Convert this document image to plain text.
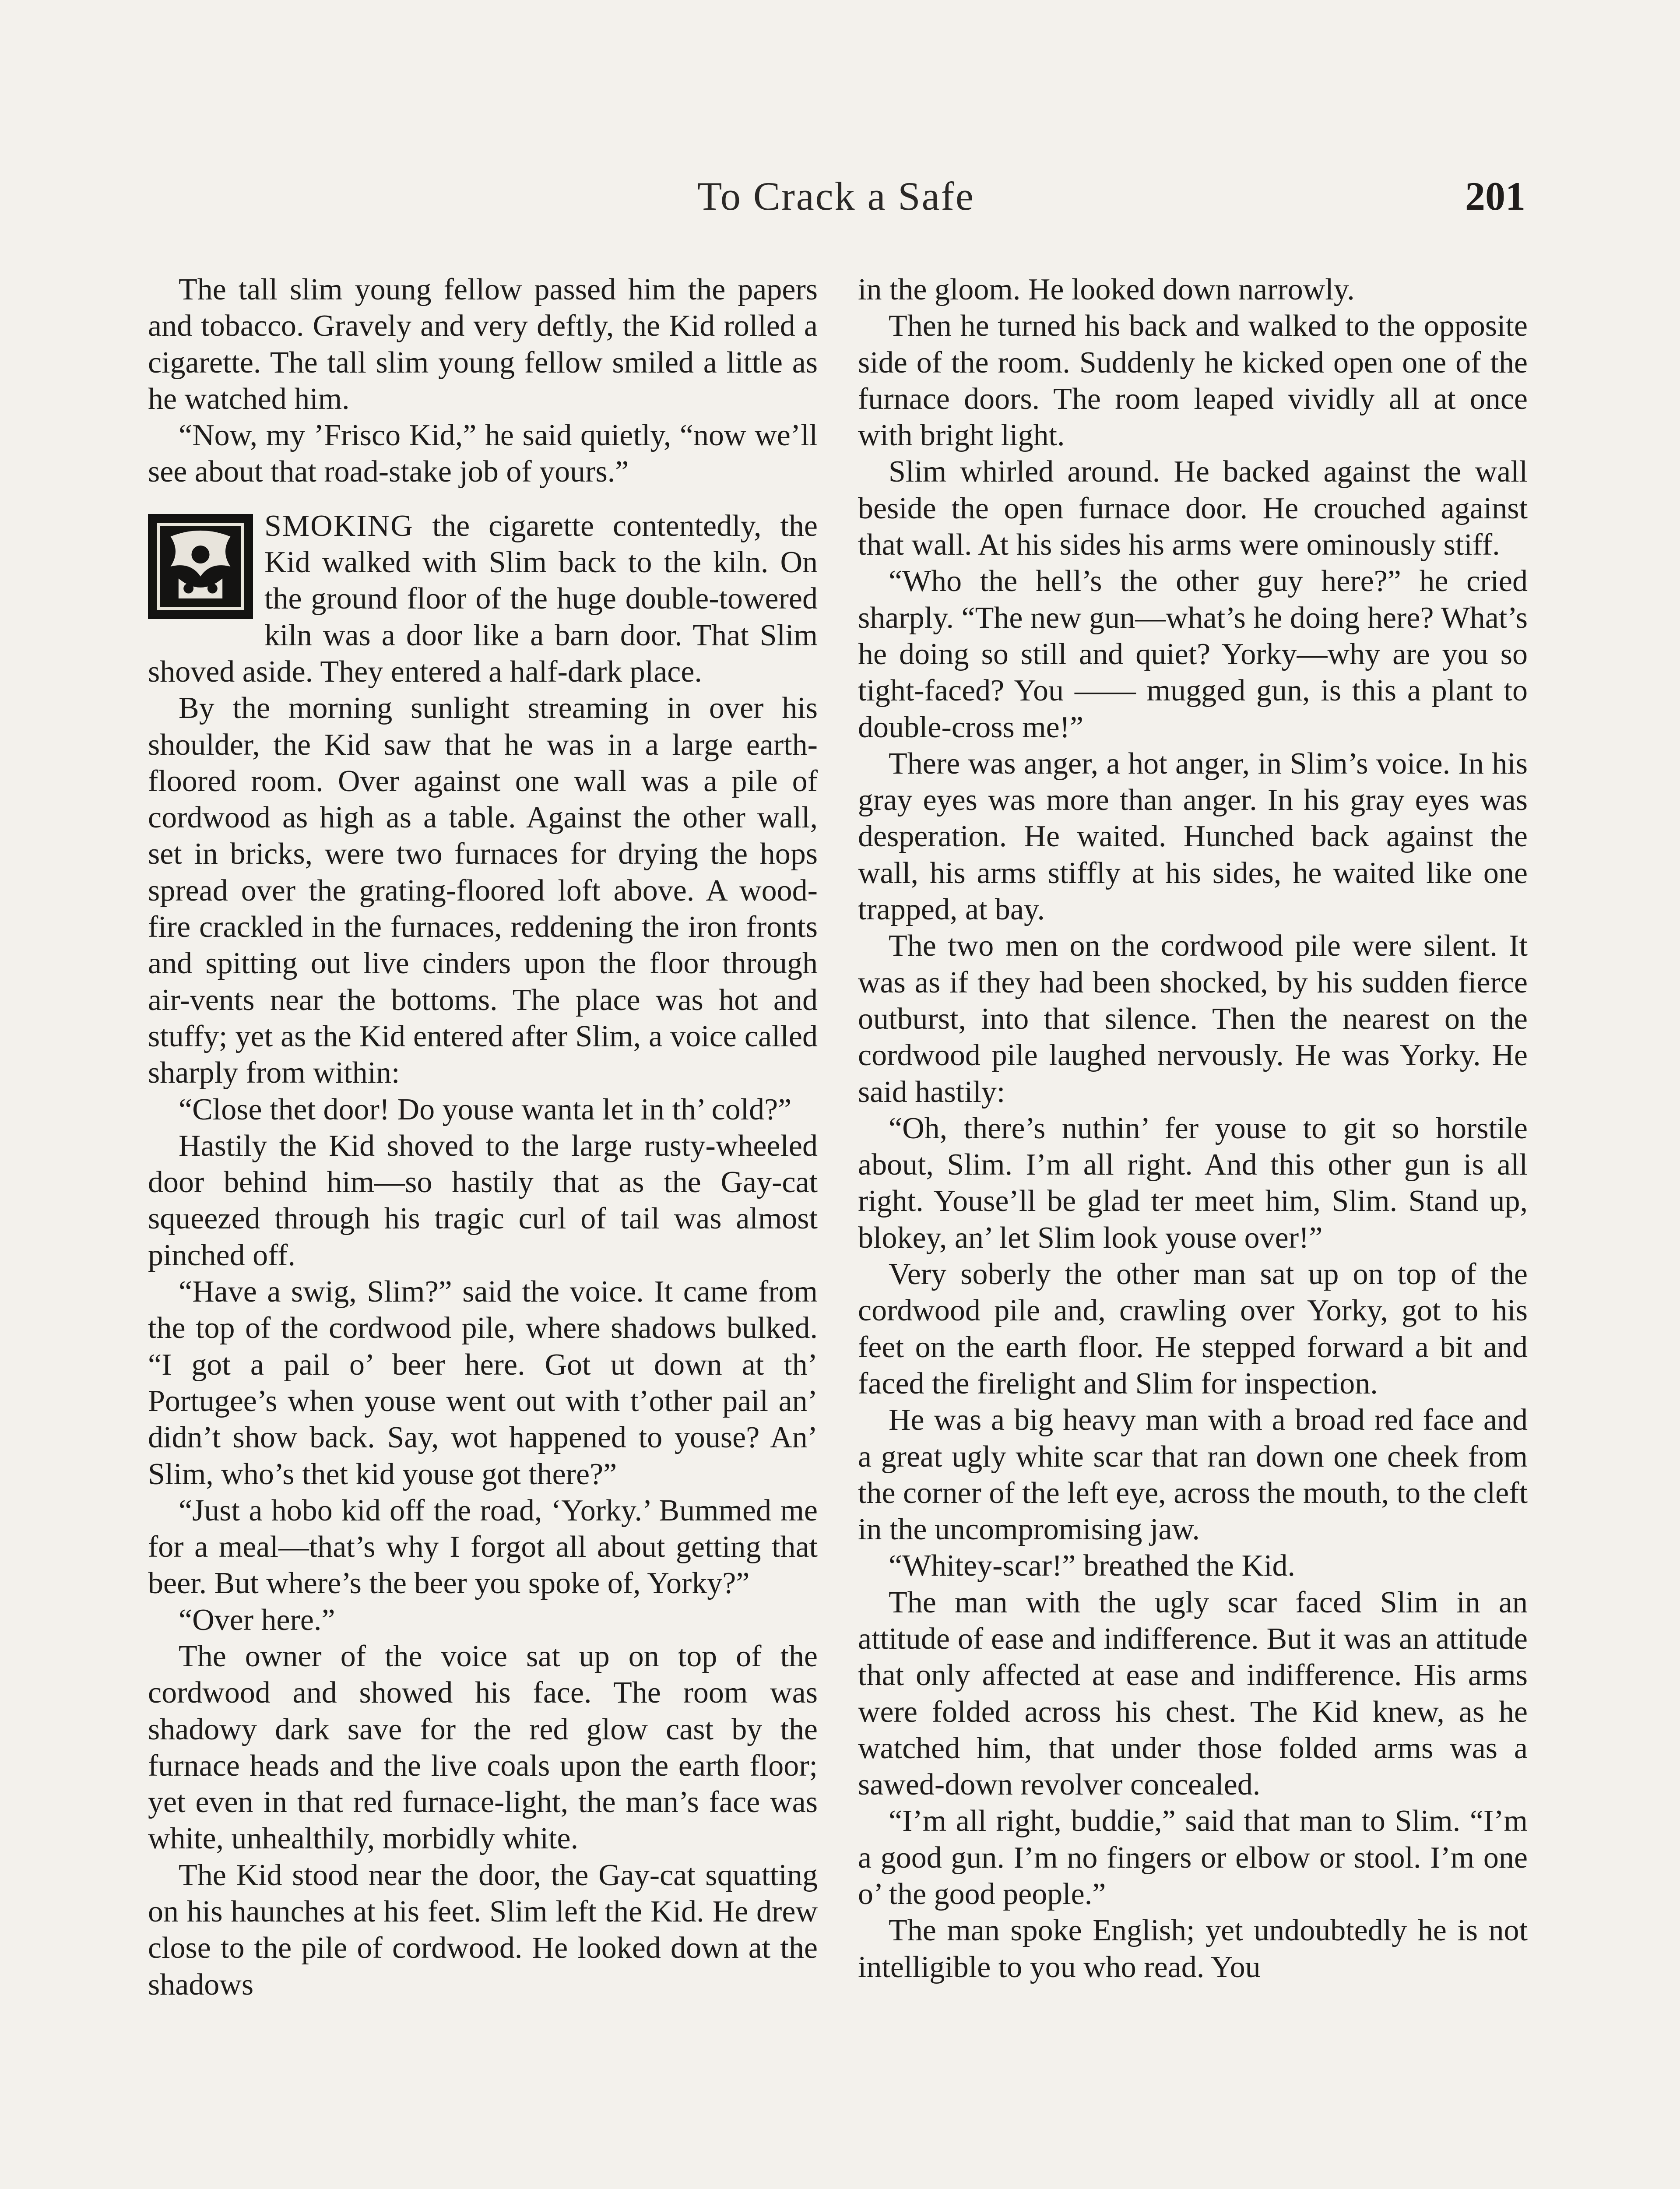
To Crack a Safe	201

The tall slim young fellow passed him the papers and tobacco. Gravely and very deftly, the Kid rolled a cigarette. The tall slim young fellow smiled a little as he watched him.

“Now, my ’Frisco Kid,” he said quietly, “now we’ll see about that road-stake job of yours.”

SMOKING the cigarette contentedly, the Kid walked with Slim back to the kiln. On the ground floor of the huge double-towered kiln was a door like a barn door. That Slim shoved aside. They entered a half-dark place.

By the morning sunlight streaming in over his shoulder, the Kid saw that he was in a large earth-floored room. Over against one wall was a pile of cordwood as high as a table. Against the other wall, set in bricks, were two furnaces for drying the hops spread over the grating-floored loft above. A wood-fire crackled in the furnaces, reddening the iron fronts and spitting out live cinders upon the floor through air-vents near the bottoms. The place was hot and stuffy; yet as the Kid entered after Slim, a voice called sharply from within:

“Close thet door! Do youse wanta let in th’ cold?”

Hastily the Kid shoved to the large rusty-wheeled door behind him—so hastily that as the Gay-cat squeezed through his tragic curl of tail was almost pinched off.

“Have a swig, Slim?” said the voice. It came from the top of the cordwood pile, where shadows bulked. “I got a pail o’ beer here. Got ut down at th’ Portugee’s when youse went out with t’other pail an’ didn’t show back. Say, wot happened to youse? An’ Slim, who’s thet kid youse got there?”

“Just a hobo kid off the road, ‘Yorky.’ Bummed me for a meal—that’s why I forgot all about getting that beer. But where’s the beer you spoke of, Yorky?”

“Over here.”

The owner of the voice sat up on top of the cordwood and showed his face. The room was shadowy dark save for the red glow cast by the furnace heads and the live coals upon the earth floor; yet even in that red furnace-light, the man’s face was white, unhealthily, morbidly white.

The Kid stood near the door, the Gay-cat squatting on his haunches at his feet. Slim left the Kid. He drew close to the pile of cordwood. He looked down at the shadows

in the gloom. He looked down narrowly.

Then he turned his back and walked to the opposite side of the room. Suddenly he kicked open one of the furnace doors. The room leaped vividly all at once with bright light.

Slim whirled around. He backed against the wall beside the open furnace door. He crouched against that wall. At his sides his arms were ominously stiff.

“Who the hell’s the other guy here?” he cried sharply. “The new gun—what’s he doing here? What’s he doing so still and quiet? Yorky—why are you so tight-faced? You —— mugged gun, is this a plant to double-cross me!”

There was anger, a hot anger, in Slim’s voice. In his gray eyes was more than anger. In his gray eyes was desperation. He waited. Hunched back against the wall, his arms stiffly at his sides, he waited like one trapped, at bay.

The two men on the cordwood pile were silent. It was as if they had been shocked, by his sudden fierce outburst, into that silence. Then the nearest on the cordwood pile laughed nervously. He was Yorky. He said hastily:

“Oh, there’s nuthin’ fer youse to git so horstile about, Slim. I’m all right. And this other gun is all right. Youse’ll be glad ter meet him, Slim. Stand up, blokey, an’ let Slim look youse over!”

Very soberly the other man sat up on top of the cordwood pile and, crawling over Yorky, got to his feet on the earth floor. He stepped forward a bit and faced the firelight and Slim for inspection.

He was a big heavy man with a broad red face and a great ugly white scar that ran down one cheek from the corner of the left eye, across the mouth, to the cleft in the uncompromising jaw.

“Whitey-scar!” breathed the Kid.

The man with the ugly scar faced Slim in an attitude of ease and indifference. But it was an attitude that only affected at ease and indifference. His arms were folded across his chest. The Kid knew, as he watched him, that under those folded arms was a sawed-down revolver concealed.

“I’m all right, buddie,” said that man to Slim. “I’m a good gun. I’m no fingers or elbow or stool. I’m one o’ the good people.”

The man spoke English; yet undoubtedly he is not intelligible to you who read. You
